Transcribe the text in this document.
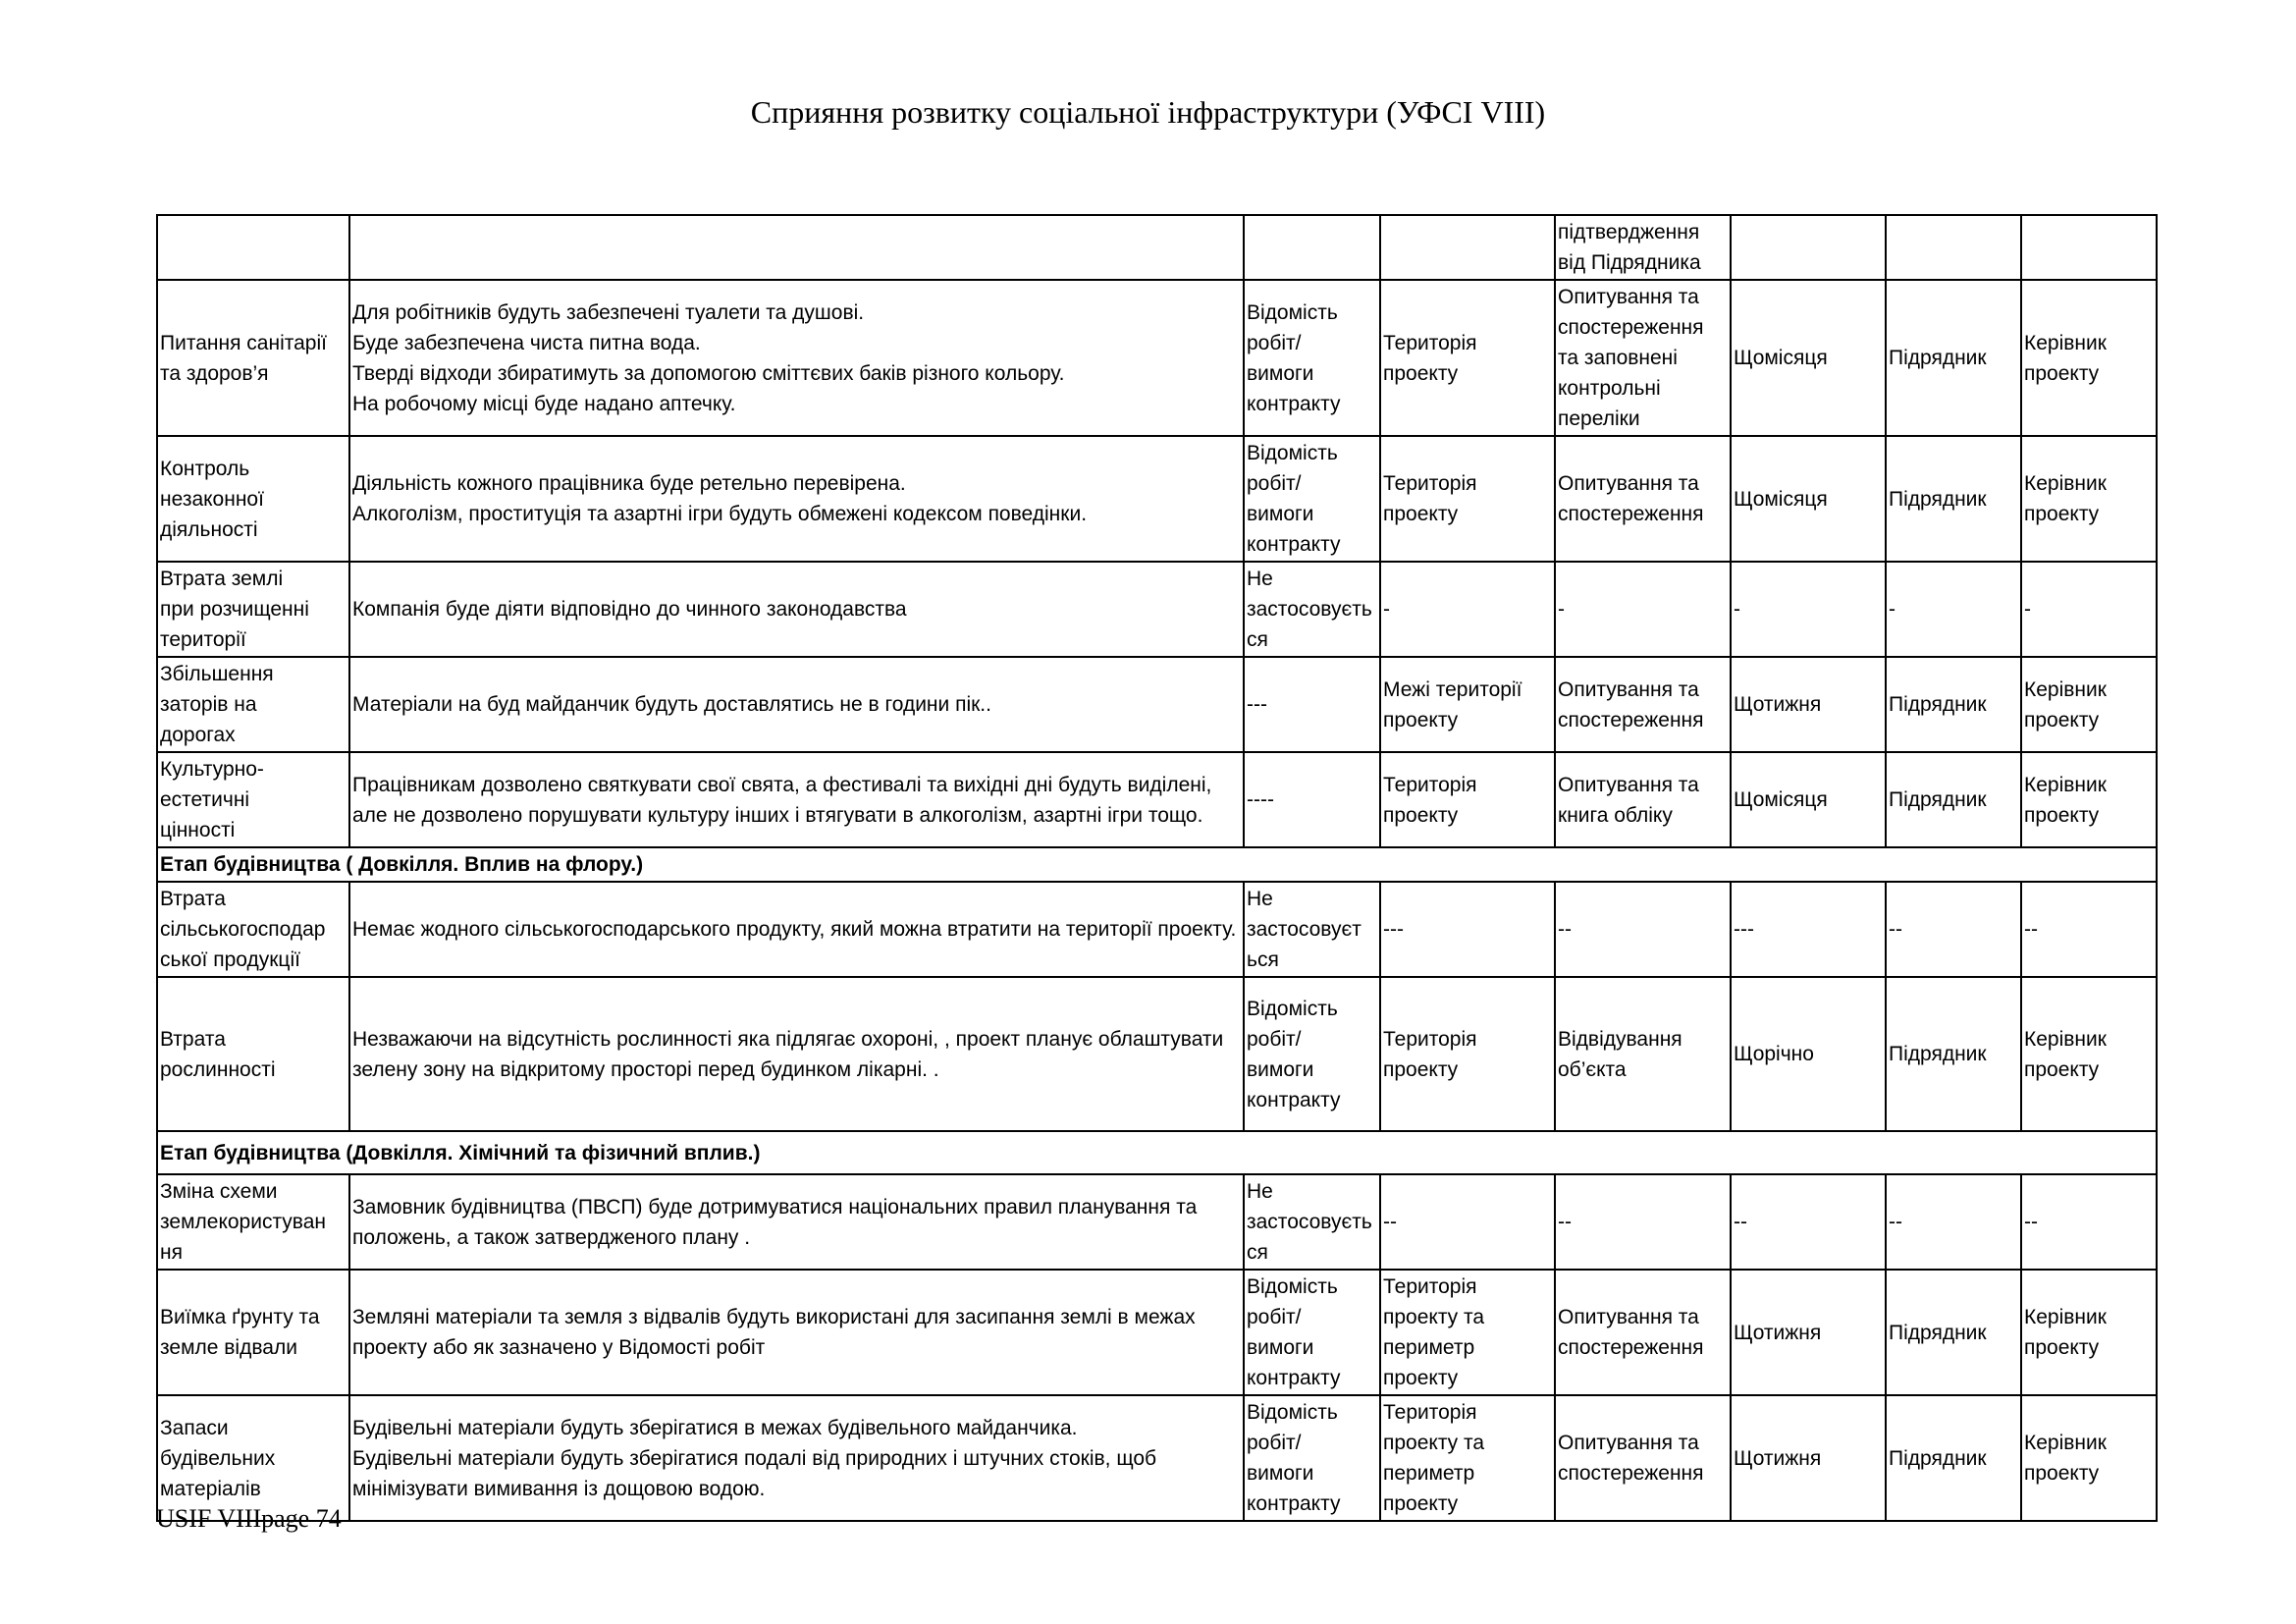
Сприяння розвитку соціальної інфраструктури (УФСІ VIII)
				підтвердження
від Підрядника			
Питання санітарії
та здоров’я	Для робітників будуть забезпечені туалети та душові.
Буде забезпечена чиста питна вода.
Тверді відходи збиратимуть за допомогою сміттєвих баків різного кольору.
На робочому місці буде надано аптечку.	Відомість
робіт/
вимоги
контракту	Територія
проекту	Опитування та
спостереження
та заповнені
контрольні
переліки	Щомісяця	Підрядник	Керівник
проекту
Контроль
незаконної
діяльності	Діяльність кожного працівника буде ретельно перевірена.
Алкоголізм, проституція та азартні ігри будуть обмежені кодексом поведінки.	Відомість
робіт/
вимоги
контракту	Територія
проекту	Опитування та
спостереження	Щомісяця	Підрядник	Керівник
проекту
Втрата землі
при розчищенні
території	Компанія буде діяти відповідно до чинного законодавства	Не
застосовуєть
ся	-	-	-	-	-
Збільшення
заторів на
дорогах	Матеріали на буд майданчик будуть доставлятись не в години пік..	---	Межі території
проекту	Опитування та
спостереження	Щотижня	Підрядник	Керівник
проекту
Культурно-
естетичні
цінності	Працівникам дозволено святкувати свої свята, а фестивалі та вихідні дні будуть виділені, але не дозволено порушувати культуру інших і втягувати в алкоголізм, азартні ігри тощо.	----	Територія
проекту	Опитування та
книга обліку	Щомісяця	Підрядник	Керівник
проекту
Етап будівництва ( Довкілля. Вплив на флору.)							
Втрата
сільськогосподар
ської продукції	Немає жодного сільськогосподарського продукту, який можна втратити на території проекту.	Не
застосовуєт
ься	---	--	---	--	--
Втрата
рослинності	Незважаючи на відсутність рослинності яка підлягає охороні, , проект планує облаштувати зелену зону на відкритому просторі перед будинком лікарні. .	Відомість
робіт/
вимоги
контракту	Територія
проекту	Відвідування
об’єкта	Щорічно	Підрядник	Керівник
проекту
Етап будівництва (Довкілля. Хімічний та фізичний вплив.)							
Зміна схеми
землекористуван
ня	Замовник будівництва (ПВСП) буде дотримуватися національних правил планування та положень, а також затвердженого плану .	Не
застосовуєть
ся	--	--	--	--	--
Виїмка ґрунту та
земле відвали	Земляні матеріали та земля з відвалів будуть використані для засипання землі в межах проекту або як зазначено у Відомості робіт	Відомість
робіт/
вимоги
контракту	Територія
проекту та
периметр
проекту	Опитування та
спостереження	Щотижня	Підрядник	Керівник
проекту
Запаси
будівельних
матеріалів	Будівельні матеріали будуть зберігатися в межах будівельного майданчика.
Будівельні матеріали будуть зберігатися подалі від природних і штучних стоків, щоб мінімізувати вимивання із дощовою водою.	Відомість
робіт/
вимоги
контракту	Територія
проекту та
периметр
проекту	Опитування та
спостереження	Щотижня	Підрядник	Керівник
проекту
USIF VIIIpage 74
